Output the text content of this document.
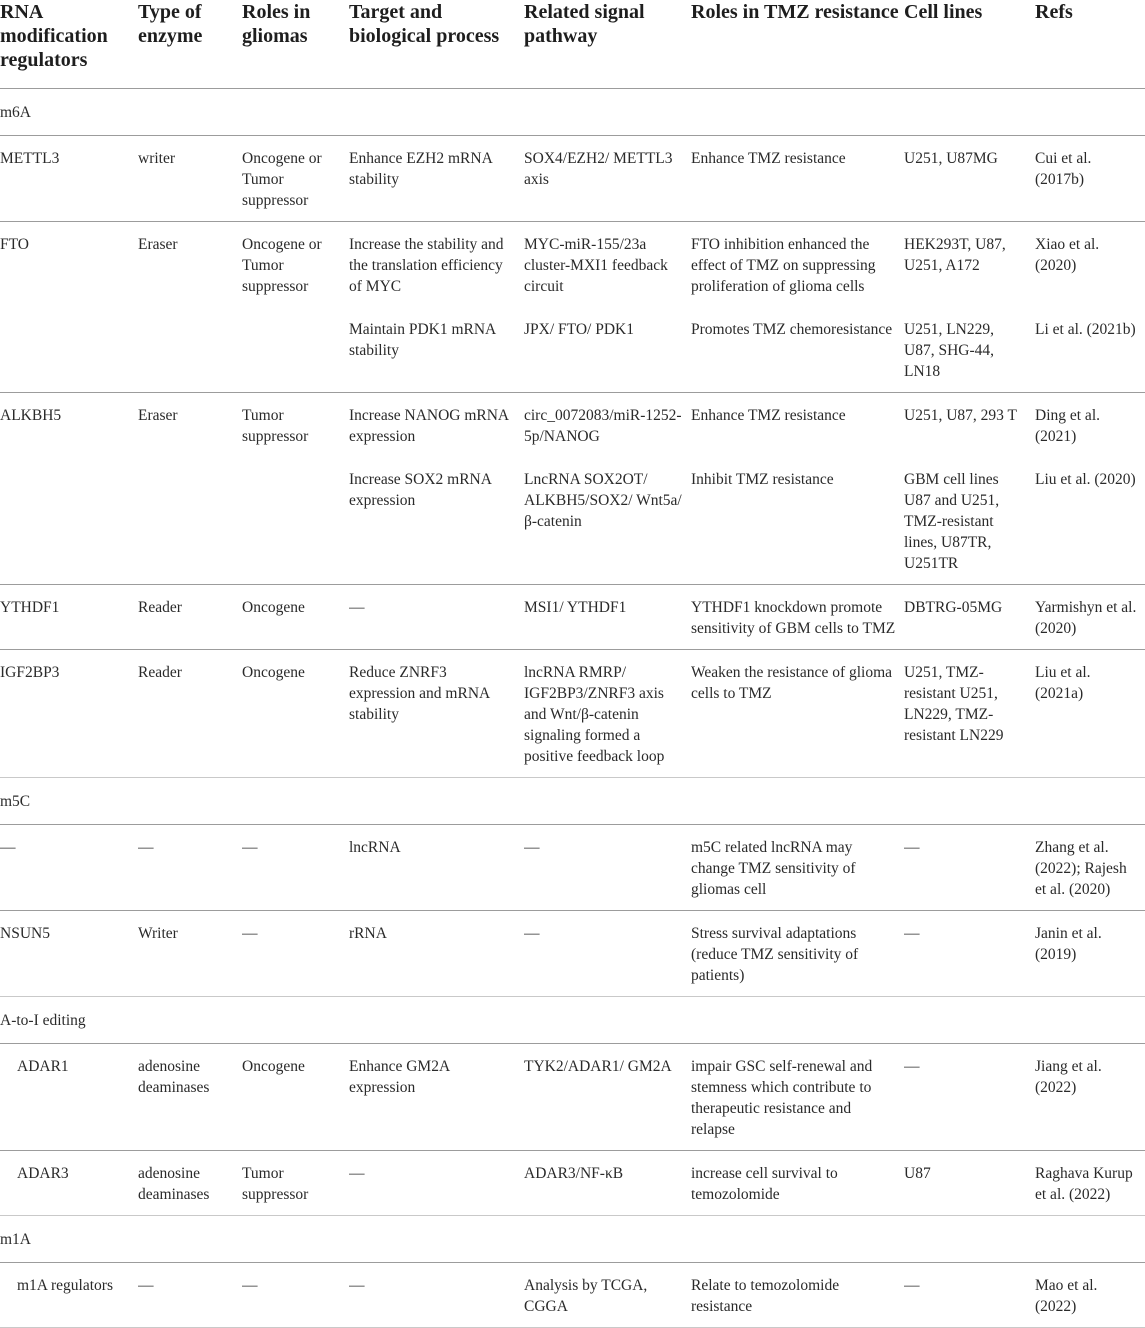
RNA modification regulators	Type of enzyme	Roles in gliomas	Target and biological process	Related signal pathway	Roles in TMZ resistance	Cell lines	Refs
m6A							
METTL3	writer	Oncogene or Tumor suppressor	Enhance EZH2 mRNA stability	SOX4/EZH2/ METTL3 axis	Enhance TMZ resistance	U251, U87MG	Cui et al. (2017b)
FTO	Eraser	Oncogene or Tumor suppressor	Increase the stability and the translation efficiency of MYC	MYC-miR-155/23a cluster-MXI1 feedback circuit	FTO inhibition enhanced the effect of TMZ on suppressing proliferation of glioma cells	HEK293T, U87, U251, A172	Xiao et al. (2020)
			Maintain PDK1 mRNA stability	JPX/ FTO/ PDK1	Promotes TMZ chemoresistance	U251, LN229, U87, SHG-44, LN18	Li et al. (2021b)
ALKBH5	Eraser	Tumor suppressor	Increase NANOG mRNA expression	circ_0072083/miR-1252-5p/NANOG	Enhance TMZ resistance	U251, U87, 293 T	Ding et al. (2021)
			Increase SOX2 mRNA expression	LncRNA SOX2OT/ ALKBH5/SOX2/ Wnt5a/β-catenin	Inhibit TMZ resistance	GBM cell lines U87 and U251, TMZ-resistant lines, U87TR, U251TR	Liu et al. (2020)
YTHDF1	Reader	Oncogene	—	MSI1/ YTHDF1	YTHDF1 knockdown promote sensitivity of GBM cells to TMZ	DBTRG-05MG	Yarmishyn et al. (2020)
IGF2BP3	Reader	Oncogene	Reduce ZNRF3 expression and mRNA stability	lncRNA RMRP/ IGF2BP3/ZNRF3 axis and Wnt/β-catenin signaling formed a positive feedback loop	Weaken the resistance of glioma cells to TMZ	U251, TMZ-resistant U251, LN229, TMZ-resistant LN229	Liu et al. (2021a)
m5C							
—	—	—	lncRNA	—	m5C related lncRNA may change TMZ sensitivity of gliomas cell	—	Zhang et al. (2022); Rajesh et al. (2020)
NSUN5	Writer	—	rRNA	—	Stress survival adaptations (reduce TMZ sensitivity of patients)	—	Janin et al. (2019)
A-to-I editing							
ADAR1	adenosine deaminases	Oncogene	Enhance GM2A expression	TYK2/ADAR1/ GM2A	impair GSC self-renewal and stemness which contribute to therapeutic resistance and relapse	—	Jiang et al. (2022)
ADAR3	adenosine deaminases	Tumor suppressor	—	ADAR3/NF-κB	increase cell survival to temozolomide	U87	Raghava Kurup et al. (2022)
m1A							
m1A regulators	—	—	—	Analysis by TCGA, CGGA	Relate to temozolomide resistance	—	Mao et al. (2022)
